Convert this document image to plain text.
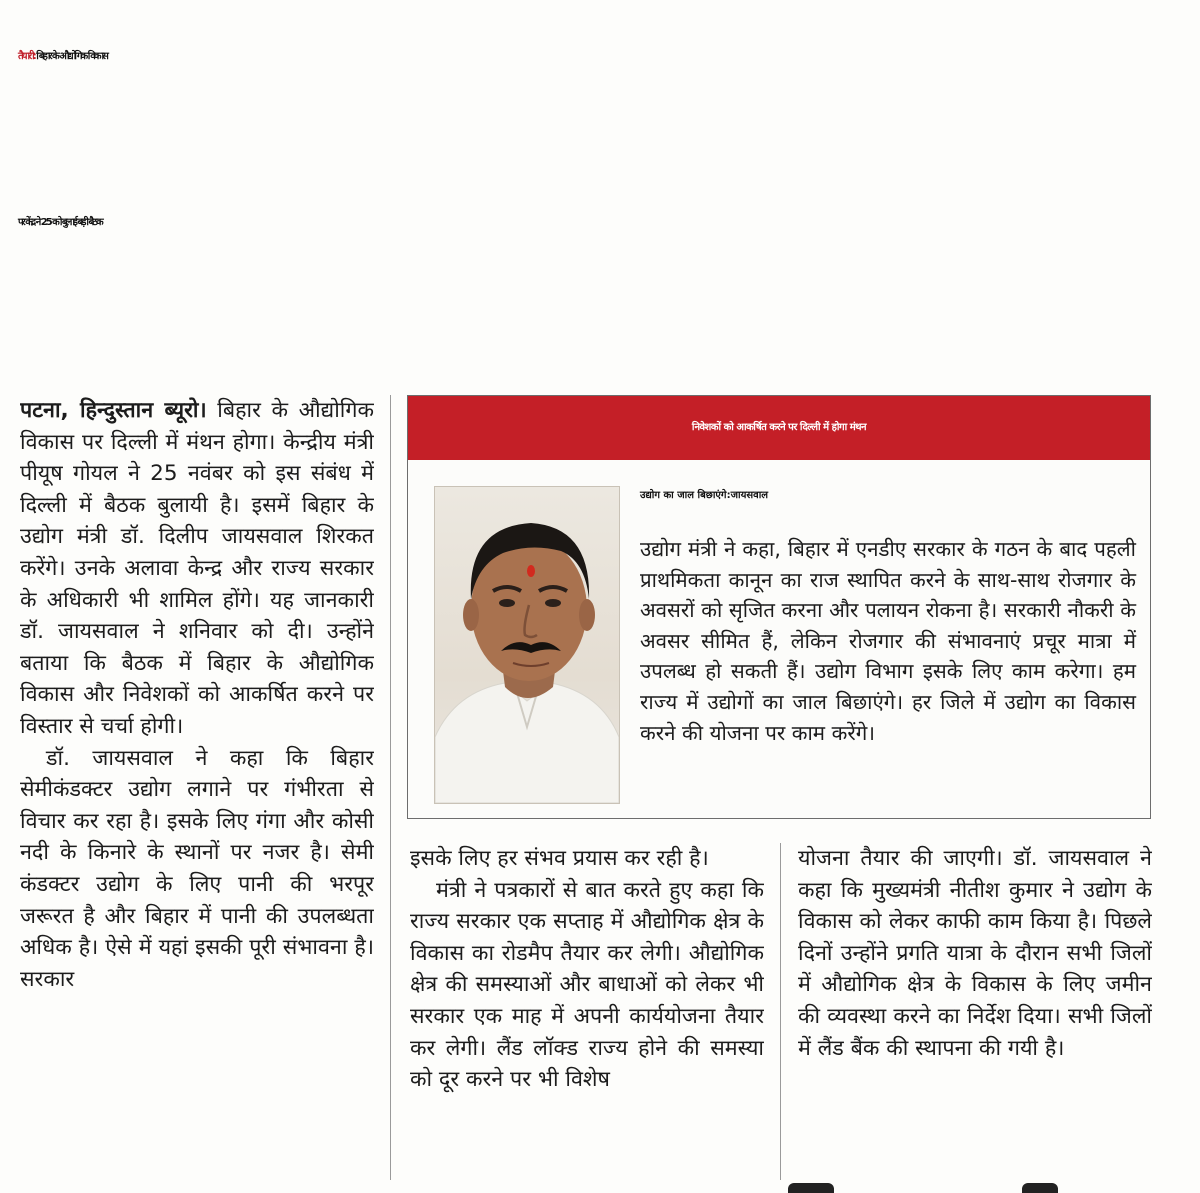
तैयारी: बिहार के औद्योगिक विकास
पर केंद्र ने 25 को बुलाई बड़ी बैठक

पटना, हिन्दुस्तान ब्यूरो। बिहार के औद्योगिक विकास पर दिल्ली में मंथन होगा। केन्द्रीय मंत्री पीयूष गोयल ने 25 नवंबर को इस संबंध में दिल्ली में बैठक बुलायी है। इसमें बिहार के उद्योग मंत्री डॉ. दिलीप जायसवाल शिरकत करेंगे। उनके अलावा केन्द्र और राज्य सरकार के अधिकारी भी शामिल होंगे। यह जानकारी डॉ. जायसवाल ने शनिवार को दी। उन्होंने बताया कि बैठक में बिहार के औद्योगिक विकास और निवेशकों को आकर्षित करने पर विस्तार से चर्चा होगी।

डॉ. जायसवाल ने कहा कि बिहार सेमीकंडक्टर उद्योग लगाने पर गंभीरता से विचार कर रहा है। इसके लिए गंगा और कोसी नदी के किनारे के स्थानों पर नजर है। सेमी कंडक्टर उद्योग के लिए पानी की भरपूर जरूरत है और बिहार में पानी की उपलब्धता अधिक है। ऐसे में यहां इसकी पूरी संभावना है। सरकार

निवेशकों को आकर्षित करने पर दिल्ली में होगा मंथन
उद्योग का जाल बिछाएंगे:जायसवाल

उद्योग मंत्री ने कहा, बिहार में एनडीए सरकार के गठन के बाद पहली प्राथमिकता कानून का राज स्थापित करने के साथ-साथ रोजगार के अवसरों को सृजित करना और पलायन रोकना है। सरकारी नौकरी के अवसर सीमित हैं, लेकिन रोजगार की संभावनाएं प्रचूर मात्रा में उपलब्ध हो सकती हैं। उद्योग विभाग इसके लिए काम करेगा। हम राज्य में उद्योगों का जाल बिछाएंगे। हर जिले में उद्योग का विकास करने की योजना पर काम करेंगे।

इसके लिए हर संभव प्रयास कर रही है।

मंत्री ने पत्रकारों से बात करते हुए कहा कि राज्य सरकार एक सप्ताह में औद्योगिक क्षेत्र के विकास का रोडमैप तैयार कर लेगी। औद्योगिक क्षेत्र की समस्याओं और बाधाओं को लेकर भी सरकार एक माह में अपनी कार्ययोजना तैयार कर लेगी। लैंड लॉक्ड राज्य होने की समस्या को दूर करने पर भी विशेष

योजना तैयार की जाएगी। डॉ. जायसवाल ने कहा कि मुख्यमंत्री नीतीश कुमार ने उद्योग के विकास को लेकर काफी काम किया है। पिछले दिनों उन्होंने प्रगति यात्रा के दौरान सभी जिलों में औद्योगिक क्षेत्र के विकास के लिए जमीन की व्यवस्था करने का निर्देश दिया। सभी जिलों में लैंड बैंक की स्थापना की गयी है।
